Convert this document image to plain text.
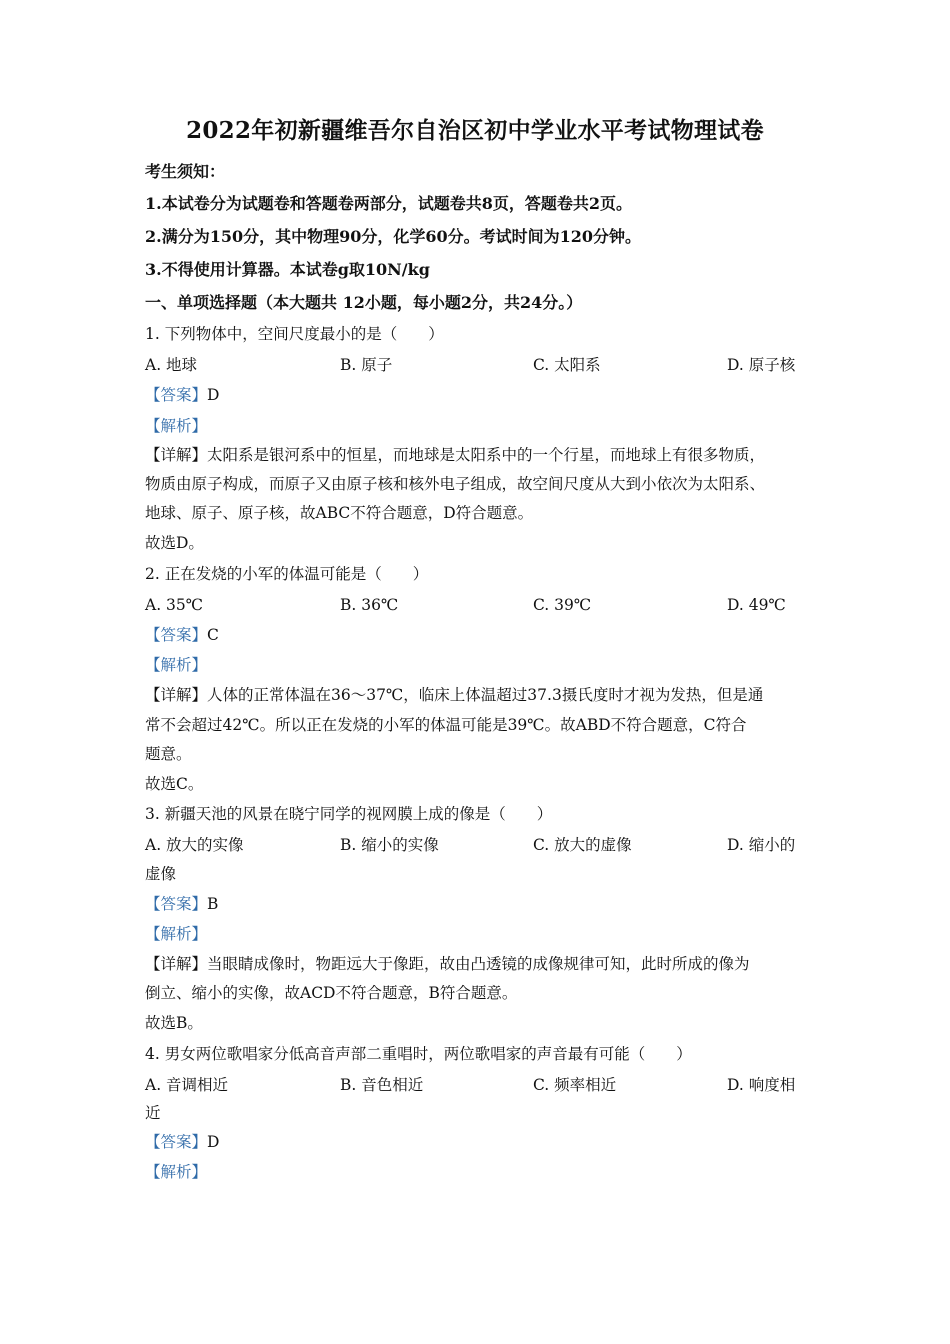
2022年初新疆维吾尔自治区初中学业水平考试物理试卷
考生须知：
1.本试卷分为试题卷和答题卷两部分，试题卷共8页，答题卷共2页。
2.满分为150分，其中物理90分，化学60分。考试时间为120分钟。
3.不得使用计算器。本试卷g取10N/kg
一、单项选择题（本大题共 12小题，每小题2分，共24分。）
1. 下列物体中，空间尺度最小的是（　　）
A. 地球	B. 原子	C. 太阳系	D. 原子核
【答案】D
【解析】
【详解】太阳系是银河系中的恒星，而地球是太阳系中的一个行星，而地球上有很多物质，
物质由原子构成，而原子又由原子核和核外电子组成，故空间尺度从大到小依次为太阳系、
地球、原子、原子核，故ABC不符合题意，D符合题意。
故选D。
2. 正在发烧的小军的体温可能是（　　）
A. 35℃	B. 36℃	C. 39℃	D. 49℃
【答案】C
【解析】
【详解】人体的正常体温在36～37℃，临床上体温超过37.3摄氏度时才视为发热，但是通
常不会超过42℃。所以正在发烧的小军的体温可能是39℃。故ABD不符合题意，C符合
题意。
故选C。
3. 新疆天池的风景在晓宁同学的视网膜上成的像是（　　）
A. 放大的实像	B. 缩小的实像	C. 放大的虚像	D. 缩小的
虚像
【答案】B
【解析】
【详解】当眼睛成像时，物距远大于像距，故由凸透镜的成像规律可知，此时所成的像为
倒立、缩小的实像，故ACD不符合题意，B符合题意。
故选B。
4. 男女两位歌唱家分低高音声部二重唱时，两位歌唱家的声音最有可能（　　）
A. 音调相近	B. 音色相近	C. 频率相近	D. 响度相
近
【答案】D
【解析】
